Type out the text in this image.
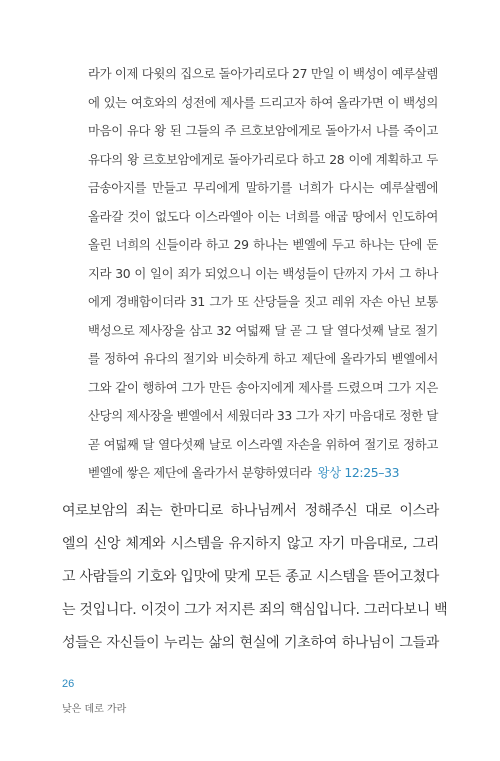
라가 이제 다윗의 집으로 돌아가리로다 27 만일 이 백성이 예루살렘
에 있는 여호와의 성전에 제사를 드리고자 하여 올라가면 이 백성의
마음이 유다 왕 된 그들의 주 르호보암에게로 돌아가서 나를 죽이고
유다의 왕 르호보암에게로 돌아가리로다 하고 28 이에 계획하고 두
금송아지를 만들고 무리에게 말하기를 너희가 다시는 예루살렘에
올라갈 것이 없도다 이스라엘아 이는 너희를 애굽 땅에서 인도하여
올린 너희의 신들이라 하고 29 하나는 벧엘에 두고 하나는 단에 둔
지라 30 이 일이 죄가 되었으니 이는 백성들이 단까지 가서 그 하나
에게 경배함이더라 31 그가 또 산당들을 짓고 레위 자손 아닌 보통
백성으로 제사장을 삼고 32 여덟째 달 곧 그 달 열다섯째 날로 절기
를 정하여 유다의 절기와 비슷하게 하고 제단에 올라가되 벧엘에서
그와 같이 행하여 그가 만든 송아지에게 제사를 드렸으며 그가 지은
산당의 제사장을 벧엘에서 세웠더라 33 그가 자기 마음대로 정한 달
곧 여덟째 달 열다섯째 날로 이스라엘 자손을 위하여 절기로 정하고
벧엘에 쌓은 제단에 올라가서 분향하였더라 왕상 12:25–33
여로보암의 죄는 한마디로 하나님께서 정해주신 대로 이스라
엘의 신앙 체계와 시스템을 유지하지 않고 자기 마음대로, 그리
고 사람들의 기호와 입맛에 맞게 모든 종교 시스템을 뜯어고쳤다
는 것입니다. 이것이 그가 저지른 죄의 핵심입니다. 그러다보니 백
성들은 자신들이 누리는 삶의 현실에 기초하여 하나님이 그들과
26
낮은 데로 가라
